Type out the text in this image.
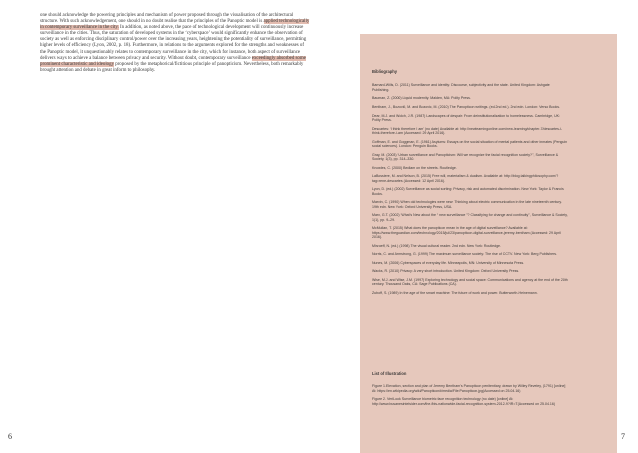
one should acknowledge the powering principles and mechanism of power proposed through the visualisation of the architectural structure. With such acknowledgement, one should in no doubt realise that the principles of the Panoptic model is applied technologically in contemporary surveillance in the city. In addition, as noted above, the pace of technological development will continuously increase surveillance in the cities. Thus, the saturation of developed systems in the ‘cyberspace’ would significantly enhance the observation of society as well as enforcing disciplinary control/power over the increasing years, heightening the potentiality of surveillance, permitting higher levels of efficiency (Lyon, 2002, p. 18). Furthermore, in relations to the arguments explored for the strengths and weaknesses of the Panoptic model, it unquestionably relates to contemporary surveillance in the city, which for instance, both aspect of surveillance delivers ways to achieve a balance between privacy and security. Without doubt, contemporary surveillance exceedingly absorbed some prominent characteristic and ideology proposed by the metaphorical/fictitious principle of panopticism. Nevertheless, both remarkably brought attention and debate in great inform to philosophy.
6
Bibliography
Barnard-Wills, D. (2011) Surveillance and identity: Discourse, subjectivity and the state. United Kingdom: Ashgate Publishing.
Bauman, Z. (2000) Liquid modernity. Malden, MA: Polity Press.
Bentham, J., Bozovič, M. and Bozovic, M. (2010) The Panopticon writings. (ed.2nd ed.). 2nd edn. London: Verso Books.
Dear, M.J. and Wolch, J.R. (1987) Landscapes of despair: From deinstitutionalization to homelessness. Cambridge, UK: Polity Press.
Descartes: ‘I think therefore I am’ (no date) Available at: http://newlearningonline.com/new-learning/chapter-7/descartes-i-think-therefore-i-am (Accessed: 29 April 2016).
Goffman, E. and Goggman, E. (1961) Asylums: Essays on the social situation of mental patients and other inmates (Penguin social sciences). London: Penguin Books.
Gray, M. (2003) ‘Urban surveillance and Panopticism: Will we recognize the facial recognition society?’’, Surveillance & Society, 1(3), pp. 314–330.
Knowles, C. (2000) Bedlam on the streets. Routledge.
LaBossiere, M. and Nelson, B. (2015) Free will, materialism & dualism. Available at: http://blog.talkingphilosophy.com/?tag=rene-descartes (Accessed: 12 April 2016).
Lyon, D. (ed.) (2002) Surveillance as social sorting: Privacy, risk and automated discrimination. New York: Taylor & Francis Books.
Marvin, C. (1990) When old technologies were new: Thinking about electric communication in the late nineteenth century. 19th edn. New York: Oxford University Press, USA.
Marx, G.T. (2002) ‘What’s New about the “ new surveillance ”? Classifying for change and continuity’’, Surveillance & Society, 1(1), pp. 9–29.
McMullan, T. (2015) What does the panopticon mean in the age of digital surveillance? Available at: https://www.theguardian.com/technology/2015/jul/23/panopticon-digital-surveillance-jeremy-bentham (Accessed: 29 April 2016).
Mirzoeff, N. (ed.) (1998) The visual cultural reader. 2nd edn. New York: Routledge.
Norris, C. and Armstrong, G. (1999) The maximum surveillance society: The rise of CCTV. New York: Berg Publishers.
Nunes, M. (2006) Cyberspaces of everyday life. Minneapolis, MN: University of Minnesota Press.
Wacks, R. (2010) Privacy: A very short introduction. United Kingdom: Oxford University Press.
Wise, M.J. and Wise, J.M. (1997) Exploring technology and social space: Communications and agency at the end of the 20th century. Thousand Oaks, CA: Sage Publications (CA).
Zuboff, S. (1989) In the age of the smart machine: The future of work and power. Butterworth-Heinemann.
List of Illustration
Figure 1.Elevation, section and plan of Jeremy Bentham’s Panopticon penitentiary, drawn by Willey Reveley, (1791) [online] At: https://en.wikipedia.org/wiki/Panopticon#/media/File:Panopticon.jpg(Accessed on 25.04.16)
Figure 2. VeriLook Surveillance biometric face recognition technology (no date) [online] At: http://www.busanesintelsider.com/the-fbis-nationwide-facial-recognition-system-2012-9?IR=T(Accessed on 25.04.16)
7
